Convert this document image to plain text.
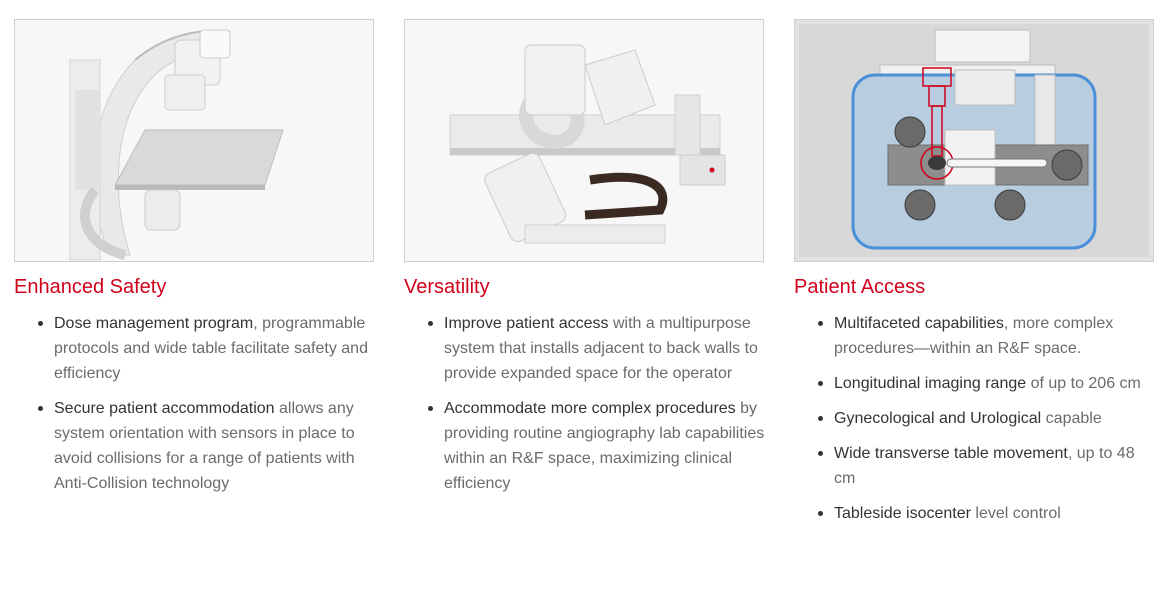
Enhanced Safety
Dose management program, programmable protocols and wide table facilitate safety and efficiency
Secure patient accommodation allows any system orientation with sensors in place to avoid collisions for a range of patients with Anti-Collision technology
Versatility
Improve patient access with a multipurpose system that installs adjacent to back walls to provide expanded space for the operator
Accommodate more complex procedures by providing routine angiography lab capabilities within an R&F space, maximizing clinical efficiency
Patient Access
Multifaceted capabilities, more complex procedures—within an R&F space.
Longitudinal imaging range of up to 206 cm
Gynecological and Urological capable
Wide transverse table movement, up to 48 cm
Tableside isocenter level control
